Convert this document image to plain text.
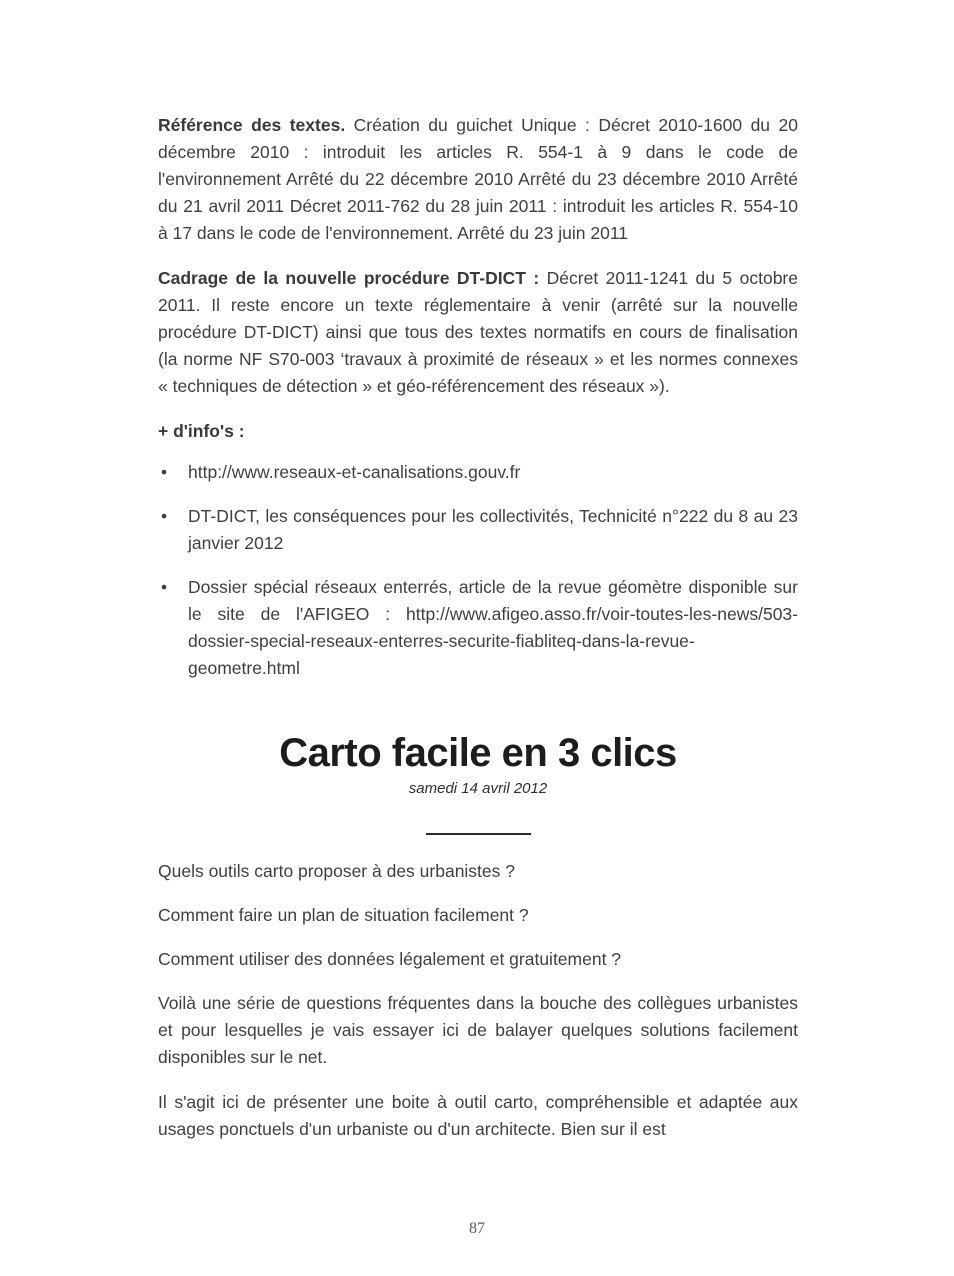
Référence des textes. Création du guichet Unique : Décret 2010-1600 du 20 décembre 2010 : introduit les articles R. 554-1 à 9 dans le code de l'environnement Arrêté du 22 décembre 2010 Arrêté du 23 décembre 2010 Arrêté du 21 avril 2011 Décret 2011-762 du 28 juin 2011 : introduit les articles R. 554-10 à 17 dans le code de l'environnement. Arrêté du 23 juin 2011

Cadrage de la nouvelle procédure DT-DICT : Décret 2011-1241 du 5 octobre 2011. Il reste encore un texte réglementaire à venir (arrêté sur la nouvelle procédure DT-DICT) ainsi que tous des textes normatifs en cours de finalisation (la norme NF S70-003 ‘travaux à proximité de réseaux » et les normes connexes « techniques de détection » et géo-référencement des réseaux »).

+ d'info's :

•
http://www.reseaux-et-canalisations.gouv.fr
•
DT-DICT, les conséquences pour les collectivités, Technicité n°222 du 8 au 23 janvier 2012
•
Dossier spécial réseaux enterrés, article de la revue géomètre disponible sur le site de l'AFIGEO : http://www.afigeo.asso.fr/voir-toutes-les-news/503-dossier-special-reseaux-enterres-securite-fiabliteq-dans-la-revue-geometre.html
Carto facile en 3 clics

samedi 14 avril 2012

Quels outils carto proposer à des urbanistes ?

Comment faire un plan de situation facilement ?

Comment utiliser des données légalement et gratuitement ?

Voilà une série de questions fréquentes dans la bouche des collègues urbanistes et pour lesquelles je vais essayer ici de balayer quelques solutions facilement disponibles sur le net.

Il s'agit ici de présenter une boite à outil carto, compréhensible et adaptée aux usages ponctuels d'un urbaniste ou d'un architecte. Bien sur il est

87
